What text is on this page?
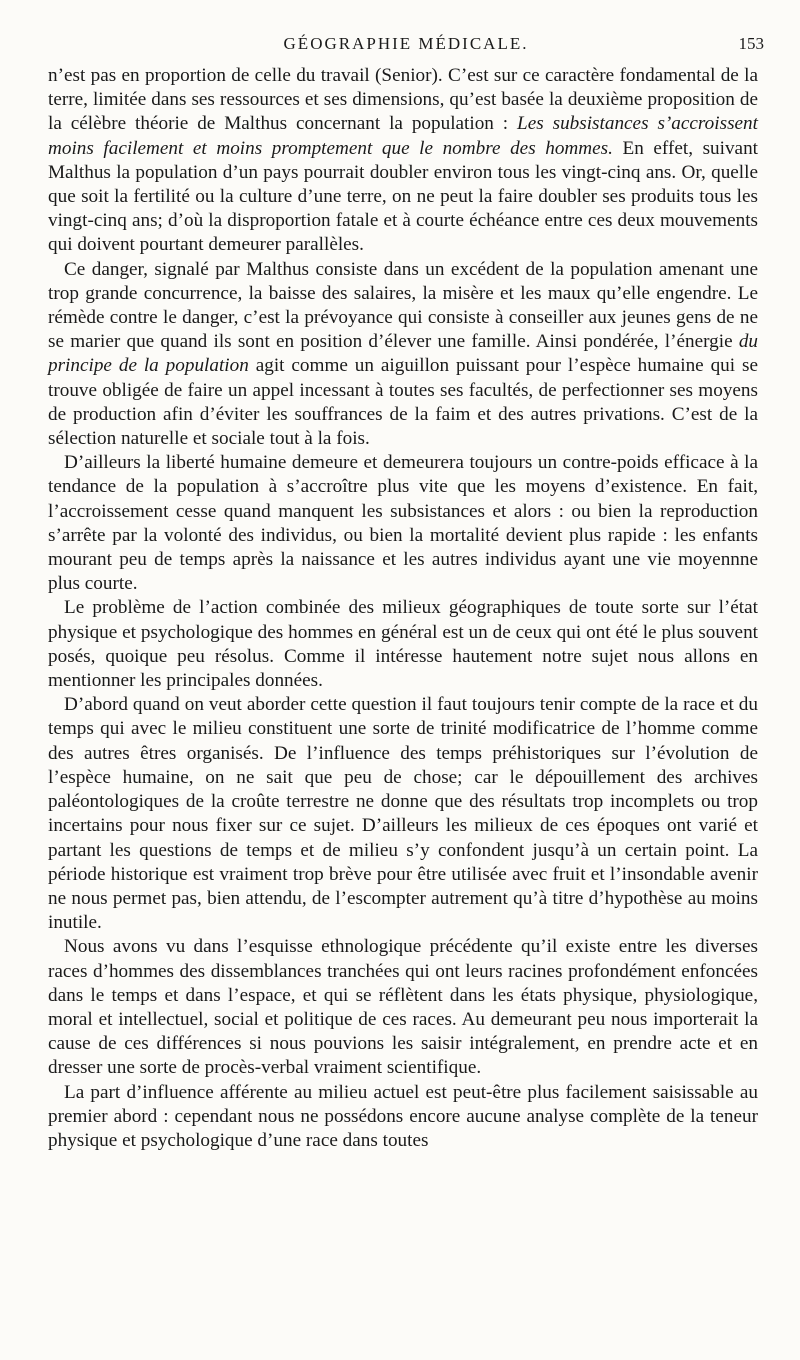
GÉOGRAPHIE MÉDICALE.	153

n’est pas en proportion de celle du travail (Senior). C’est sur ce caractère fondamental de la terre, limitée dans ses ressources et ses dimensions, qu’est basée la deuxième proposition de la célèbre théorie de Malthus concernant la population : Les subsistances s’accroissent moins facilement et moins promptement que le nombre des hommes. En effet, suivant Malthus la population d’un pays pourrait doubler environ tous les vingt-cinq ans. Or, quelle que soit la fertilité ou la culture d’une terre, on ne peut la faire doubler ses produits tous les vingt-cinq ans; d’où la disproportion fatale et à courte échéance entre ces deux mouvements qui doivent pourtant demeurer parallèles.

Ce danger, signalé par Malthus consiste dans un excédent de la population amenant une trop grande concurrence, la baisse des salaires, la misère et les maux qu’elle engendre. Le rémède contre le danger, c’est la prévoyance qui consiste à conseiller aux jeunes gens de ne se marier que quand ils sont en position d’élever une famille. Ainsi pondérée, l’énergie du principe de la population agit comme un aiguillon puissant pour l’espèce humaine qui se trouve obligée de faire un appel incessant à toutes ses facultés, de perfectionner ses moyens de production afin d’éviter les souffrances de la faim et des autres privations. C’est de la sélection naturelle et sociale tout à la fois.

D’ailleurs la liberté humaine demeure et demeurera toujours un contre-poids efficace à la tendance de la population à s’accroître plus vite que les moyens d’existence. En fait, l’accroissement cesse quand manquent les subsistances et alors : ou bien la reproduction s’arrête par la volonté des individus, ou bien la mortalité devient plus rapide : les enfants mourant peu de temps après la naissance et les autres individus ayant une vie moyennne plus courte.

Le problème de l’action combinée des milieux géographiques de toute sorte sur l’état physique et psychologique des hommes en général est un de ceux qui ont été le plus souvent posés, quoique peu résolus. Comme il intéresse hautement notre sujet nous allons en mentionner les principales données.

D’abord quand on veut aborder cette question il faut toujours tenir compte de la race et du temps qui avec le milieu constituent une sorte de trinité modificatrice de l’homme comme des autres êtres organisés. De l’influence des temps préhistoriques sur l’évolution de l’espèce humaine, on ne sait que peu de chose; car le dépouillement des archives paléontologiques de la croûte terrestre ne donne que des résultats trop incomplets ou trop incertains pour nous fixer sur ce sujet. D’ailleurs les milieux de ces époques ont varié et partant les questions de temps et de milieu s’y confondent jusqu’à un certain point. La période historique est vraiment trop brève pour être utilisée avec fruit et l’insondable avenir ne nous permet pas, bien attendu, de l’escompter autrement qu’à titre d’hypothèse au moins inutile.

Nous avons vu dans l’esquisse ethnologique précédente qu’il existe entre les diverses races d’hommes des dissemblances tranchées qui ont leurs racines profondément enfoncées dans le temps et dans l’espace, et qui se réflètent dans les états physique, physiologique, moral et intellectuel, social et politique de ces races. Au demeurant peu nous importerait la cause de ces différences si nous pouvions les saisir intégralement, en prendre acte et en dresser une sorte de procès-verbal vraiment scientifique.

La part d’influence afférente au milieu actuel est peut-être plus facilement saisissable au premier abord : cependant nous ne possédons encore aucune analyse complète de la teneur physique et psychologique d’une race dans toutes
